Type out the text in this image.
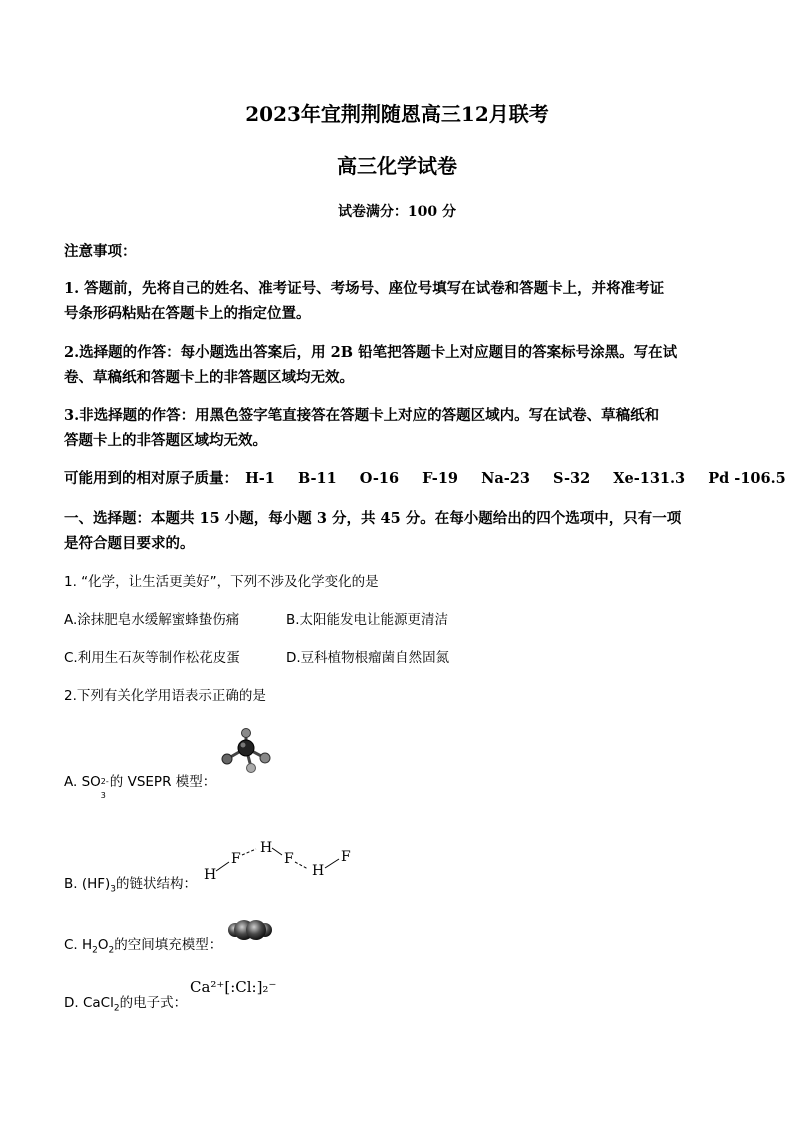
2023年宜荆荆随恩高三12月联考
高三化学试卷
试卷满分：100 分
注意事项：
1. 答题前，先将自己的姓名、准考证号、考场号、座位号填写在试卷和答题卡上，并将准考证
号条形码粘贴在答题卡上的指定位置。
2.选择题的作答：每小题选出答案后，用 2B 铅笔把答题卡上对应题目的答案标号涂黑。写在试
卷、草稿纸和答题卡上的非答题区域均无效。
3.非选择题的作答：用黑色签字笔直接答在答题卡上对应的答题区域内。写在试卷、草稿纸和
答题卡上的非答题区域均无效。
可能用到的相对原子质量： H-1 B-11 O-16 F-19 Na-23 S-32 Xe-131.3 Pd -106.5
一、选择题：本题共 15 小题，每小题 3 分，共 45 分。在每小题给出的四个选项中，只有一项
是符合题目要求的。
1. “化学，让生活更美好”，下列不涉及化学变化的是
A.涂抹肥皂水缓解蜜蜂蛰伤痛	B.太阳能发电让能源更清洁
C.利用生石灰等制作松花皮蛋	D.豆科植物根瘤菌自然固氮
2.下列有关化学用语表示正确的是
A. SO 2-
3
的 VSEPR 模型：
B. $(HF)_3$的链状结构：
H
F
H
F
H
F
C. $H_2O_2$的空间填充模型：
D. CaCl$_2$的电子式：
Ca²⁺[:Cl:]₂⁻
